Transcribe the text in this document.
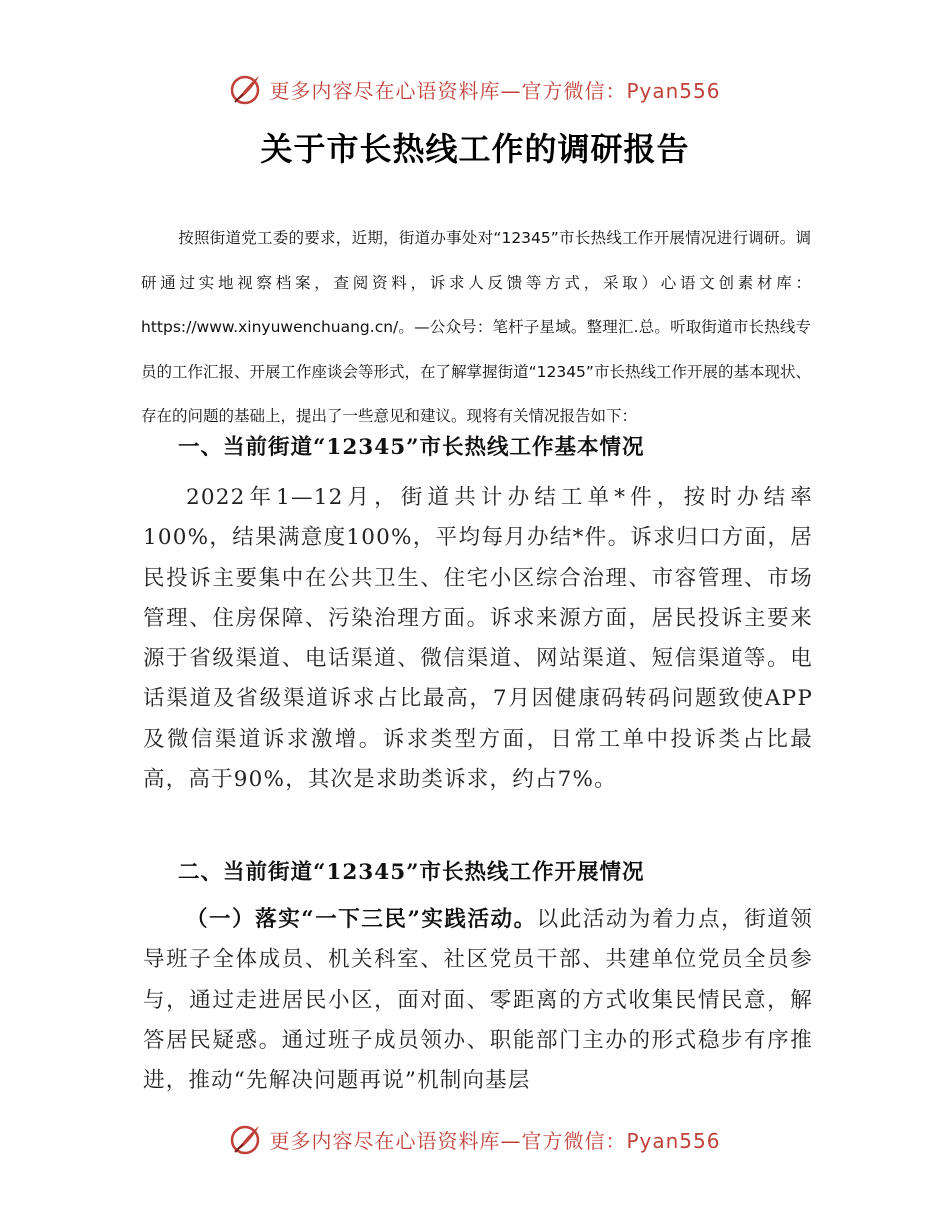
更多内容尽在心语资料库—官方微信：Pyan556
关于市长热线工作的调研报告
按照街道党工委的要求，近期，街道办事处对“12345”市长热线工作开展情况进行调研。调研通过实地视察档案，查阅资料，诉求人反馈等方式，采取）心语文创素材库：https://www.xinyuwenchuang.cn/。—公众号：笔杆子星域。整理汇.总。听取街道市长热线专员的工作汇报、开展工作座谈会等形式，在了解掌握街道“12345”市长热线工作开展的基本现状、存在的问题的基础上，提出了一些意见和建议。现将有关情况报告如下：
一、当前街道“12345”市长热线工作基本情况
2022年1—12月，街道共计办结工单*件，按时办结率100%，结果满意度100%，平均每月办结*件。诉求归口方面，居民投诉主要集中在公共卫生、住宅小区综合治理、市容管理、市场管理、住房保障、污染治理方面。诉求来源方面，居民投诉主要来源于省级渠道、电话渠道、微信渠道、网站渠道、短信渠道等。电话渠道及省级渠道诉求占比最高，7月因健康码转码问题致使APP及微信渠道诉求激增。诉求类型方面，日常工单中投诉类占比最高，高于90%，其次是求助类诉求，约占7%。
二、当前街道“12345”市长热线工作开展情况
（一）落实“一下三民”实践活动。以此活动为着力点，街道领导班子全体成员、机关科室、社区党员干部、共建单位党员全员参与，通过走进居民小区，面对面、零距离的方式收集民情民意，解答居民疑惑。通过班子成员领办、职能部门主办的形式稳步有序推进，推动“先解决问题再说”机制向基层
更多内容尽在心语资料库—官方微信：Pyan556
